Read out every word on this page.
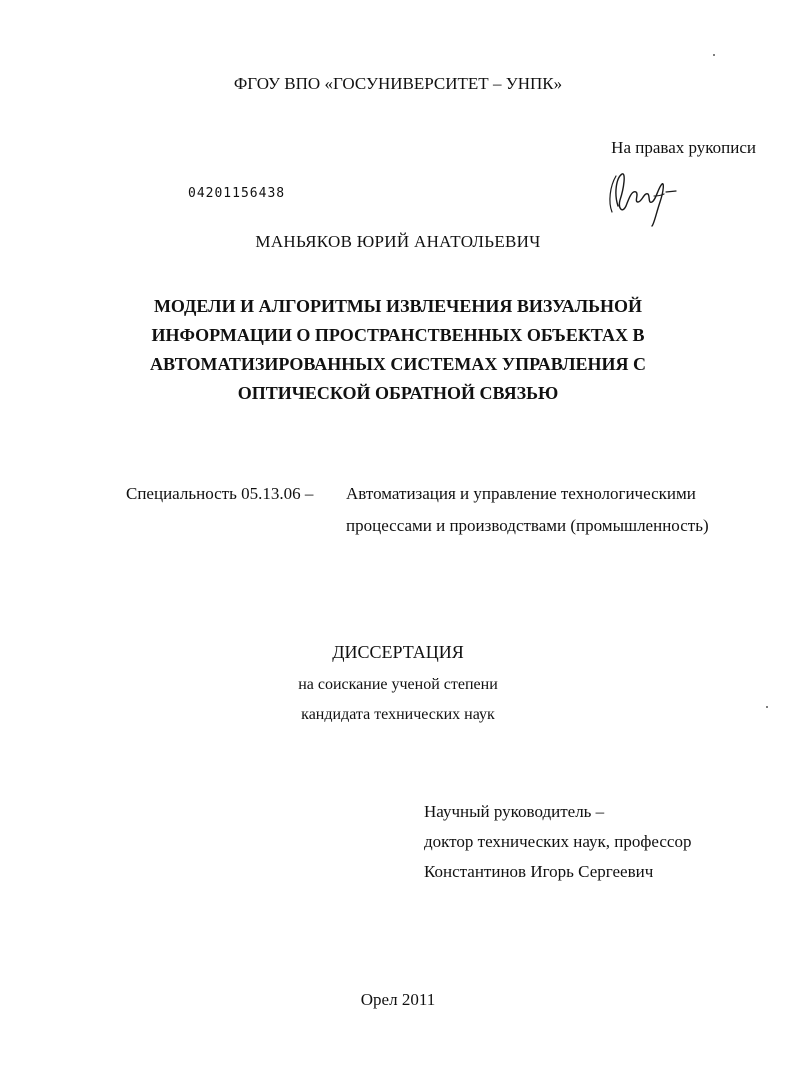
ФГОУ ВПО «ГОСУНИВЕРСИТЕТ – УНПК»
На правах рукописи
04201156438
МАНЬЯКОВ ЮРИЙ АНАТОЛЬЕВИЧ
МОДЕЛИ И АЛГОРИТМЫ ИЗВЛЕЧЕНИЯ ВИЗУАЛЬНОЙ
ИНФОРМАЦИИ О ПРОСТРАНСТВЕННЫХ ОБЪЕКТАХ В
АВТОМАТИЗИРОВАННЫХ СИСТЕМАХ УПРАВЛЕНИЯ С
ОПТИЧЕСКОЙ ОБРАТНОЙ СВЯЗЬЮ
Специальность 05.13.06 – Автоматизация и управление технологическими
процессами и производствами (промышленность)
ДИССЕРТАЦИЯ
на соискание ученой степени
кандидата технических наук
Научный руководитель –
доктор технических наук, профессор
Константинов Игорь Сергеевич
Орел 2011
